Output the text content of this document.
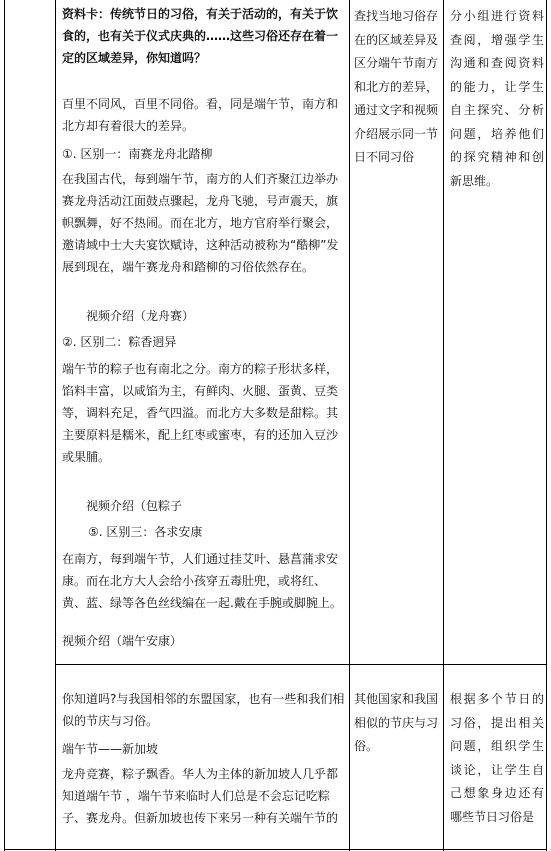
资料卡：传统节日的习俗，有关于活动的，有关于饮食的，也有关于仪式庆典的……这些习俗还存在着一定的区域差异，你知道吗？

百里不同风，百里不同俗。看，同是端午节，南方和北方却有着很大的差异。

①. 区别一：南赛龙舟北踏柳

在我国古代，每到端午节，南方的人们齐聚江边举办赛龙舟活动江面鼓点骤起，龙舟飞驰，号声震天，旗帜飘舞，好不热闹。而在北方，地方官府举行聚会，邀请域中士大夫宴饮赋诗，这种活动被称为“酷柳”发展到现在，端午赛龙舟和踏柳的习俗依然存在。

视频介绍（龙舟赛）

②. 区别二：粽香迥异

端午节的粽子也有南北之分。南方的粽子形状多样，馅料丰富，以咸馅为主，有鲜肉、火腿、蛋黄、豆类等，调料充足，香气四溢。而北方大多数是甜粽。其主要原料是糯米，配上红枣或蜜枣，有的还加入豆沙或果脯。

视频介绍（包粽子

⑤. 区别三：各求安康

在南方，每到端午节，人们通过挂艾叶、悬菖蒲求安康。而在北方大人会给小孩穿五毒肚兜，或将红、黄、蓝、绿等各色丝线编在一起.戴在手腕或脚腕上。

视频介绍（端午安康）

查找当地习俗存在的区域差异及区分端午节南方和北方的差异，通过文字和视频介绍展示同一节日不同习俗

分小组进行资料查阅，增强学生沟通和查阅资料的能力，让学生自主探究、分析问题，培养他们的探究精神和创新思维。

你知道吗?与我国相邻的东盟国家，也有一些和我们相似的节庆与习俗。

端午节——新加坡

龙舟竞赛，粽子飘香。华人为主体的新加坡人几乎都知道端午节 ，端午节来临时人们总是不会忘记吃粽子、赛龙舟。但新加坡也传下来另一种有关端午节的

其他国家和我国相似的节庆与习俗。

根据多个节日的习俗，提出相关问题，组织学生谈论，让学生自己想象身边还有哪些节日习俗是
